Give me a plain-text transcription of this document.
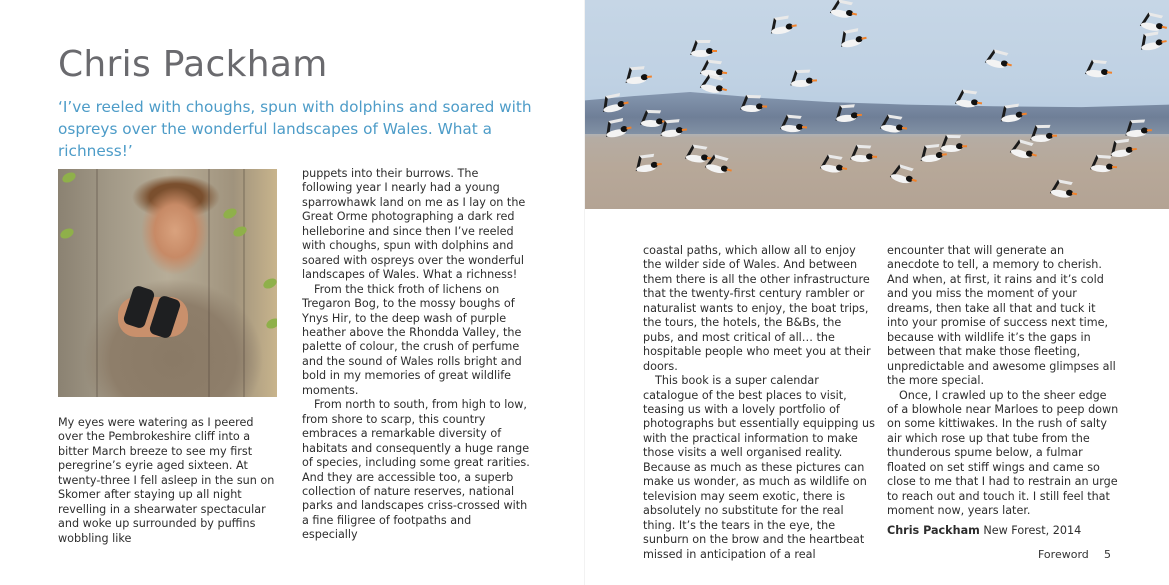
Chris Packham

‘I’ve reeled with choughs, spun with dolphins and soared with ospreys over the wonderful landscapes of Wales. What a richness!’

My eyes were watering as I peered over the Pembrokeshire cliff into a bitter March breeze to see my first peregrine’s eyrie aged sixteen. At twenty-three I fell asleep in the sun on Skomer after staying up all night revelling in a shearwater spectacular and woke up surrounded by puffins wobbling like

puppets into their burrows. The following year I nearly had a young sparrowhawk land on me as I lay on the Great Orme photographing a dark red helleborine and since then I’ve reeled with choughs, spun with dolphins and soared with ospreys over the wonderful landscapes of Wales. What a richness!

From the thick froth of lichens on Tregaron Bog, to the mossy boughs of Ynys Hir, to the deep wash of purple heather above the Rhondda Valley, the palette of colour, the crush of perfume and the sound of Wales rolls bright and bold in my memories of great wildlife moments.

From north to south, from high to low, from shore to scarp, this country embraces a remarkable diversity of habitats and consequently a huge range of species, including some great rarities. And they are accessible too, a superb collection of nature reserves, national parks and landscapes criss-crossed with a fine filigree of footpaths and especially

coastal paths, which allow all to enjoy the wilder side of Wales. And between them there is all the other infrastructure that the twenty-first century rambler or naturalist wants to enjoy, the boat trips, the tours, the hotels, the B&Bs, the pubs, and most critical of all… the hospitable people who meet you at their doors.

This book is a super calendar catalogue of the best places to visit, teasing us with a lovely portfolio of photographs but essentially equipping us with the practical information to make those visits a well organised reality. Because as much as these pictures can make us wonder, as much as wildlife on television may seem exotic, there is absolutely no substitute for the real thing. It’s the tears in the eye, the sunburn on the brow and the heartbeat missed in anticipation of a real

encounter that will generate an anecdote to tell, a memory to cherish. And when, at first, it rains and it’s cold and you miss the moment of your dreams, then take all that and tuck it into your promise of success next time, because with wildlife it’s the gaps in between that make those fleeting, unpredictable and awesome glimpses all the more special.

Once, I crawled up to the sheer edge of a blowhole near Marloes to peep down on some kittiwakes. In the rush of salty air which rose up that tube from the thunderous spume below, a fulmar floated on set stiff wings and came so close to me that I had to restrain an urge to reach out and touch it. I still feel that moment now, years later.

Chris Packham New Forest, 2014

Foreword 5
